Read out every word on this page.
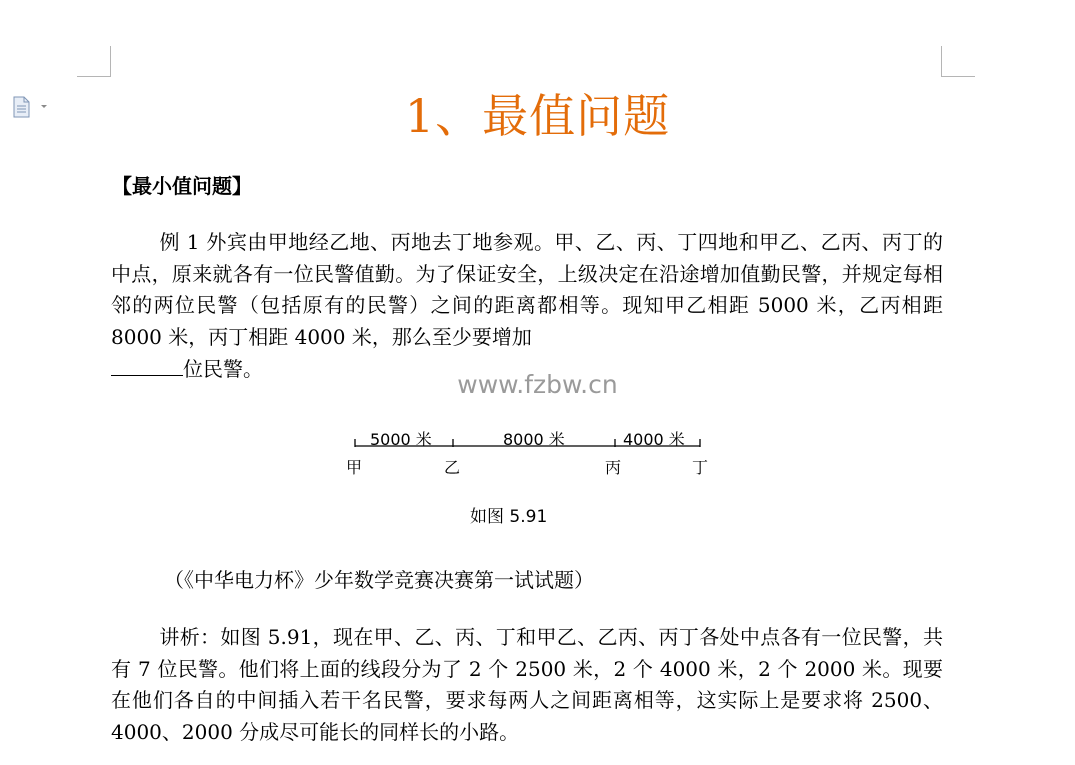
1、最值问题
【最小值问题】

例 1 外宾由甲地经乙地、丙地去丁地参观。甲、乙、丙、丁四地和甲乙、乙丙、丙丁的中点，原来就各有一位民警值勤。为了保证安全，上级决定在沿途增加值勤民警，并规定每相邻的两位民警（包括原有的民警）之间的距离都相等。现知甲乙相距 5000 米，乙丙相距 8000 米，丙丁相距 4000 米，那么至少要增加
位民警。

www.fzbw.cn
5000 米	8000 米	4000 米
甲	乙	丙	丁
如图 5.91
（《中华电力杯》少年数学竞赛决赛第一试试题）

讲析：如图 5.91，现在甲、乙、丙、丁和甲乙、乙丙、丙丁各处中点各有一位民警，共有 7 位民警。他们将上面的线段分为了 2 个 2500 米，2 个 4000 米，2 个 2000 米。现要在他们各自的中间插入若干名民警，要求每两人之间距离相等，这实际上是要求将 2500、4000、2000 分成尽可能长的同样长的小路。
